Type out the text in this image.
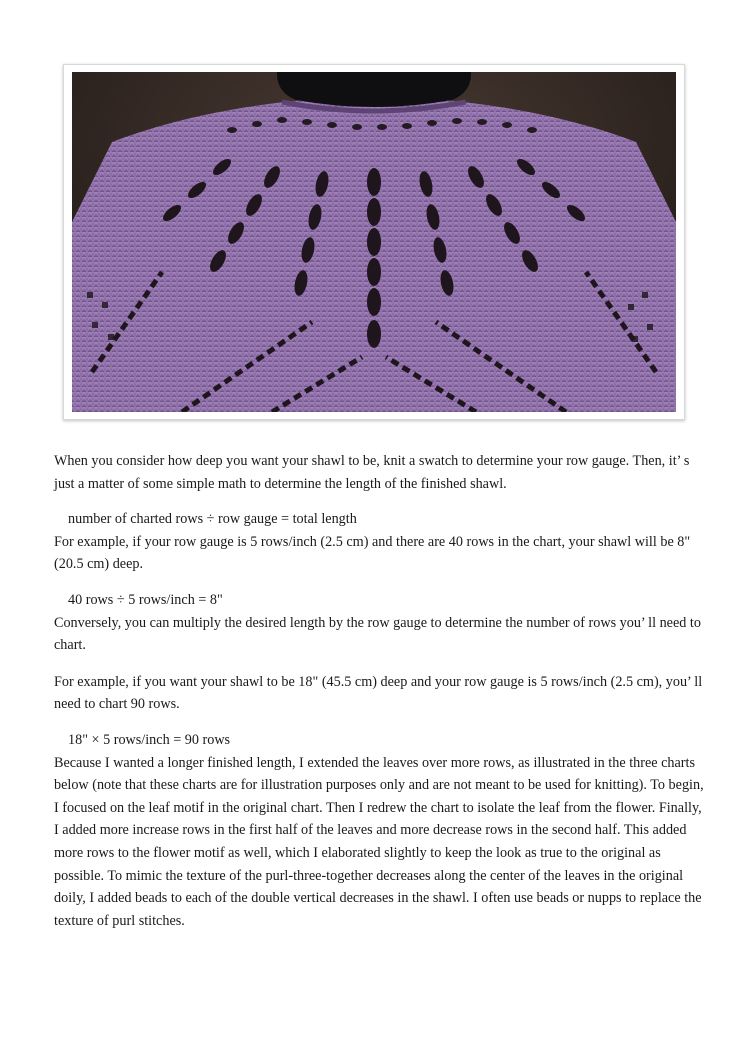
When you consider how deep you want your shawl to be, knit a swatch to determine your row gauge. Then, it’ s just a matter of some simple math to determine the length of the finished shawl.

number of charted rows ÷ row gauge = total length

For example, if your row gauge is 5 rows/inch (2.5 cm) and there are 40 rows in the chart, your shawl will be 8" (20.5 cm) deep.

40 rows ÷ 5 rows/inch = 8"

Conversely, you can multiply the desired length by the row gauge to determine the number of rows you’ ll need to chart.

For example, if you want your shawl to be 18" (45.5 cm) deep and your row gauge is 5 rows/inch (2.5 cm), you’ ll need to chart 90 rows.

18" × 5 rows/inch = 90 rows

Because I wanted a longer finished length, I extended the leaves over more rows, as illustrated in the three charts below (note that these charts are for illustration purposes only and are not meant to be used for knitting). To begin, I focused on the leaf motif in the original chart. Then I redrew the chart to isolate the leaf from the flower. Finally, I added more increase rows in the first half of the leaves and more decrease rows in the second half. This added more rows to the flower motif as well, which I elaborated slightly to keep the look as true to the original as possible. To mimic the texture of the purl-three-together decreases along the center of the leaves in the original doily, I added beads to each of the double vertical decreases in the shawl. I often use beads or nupps to replace the texture of purl stitches.
